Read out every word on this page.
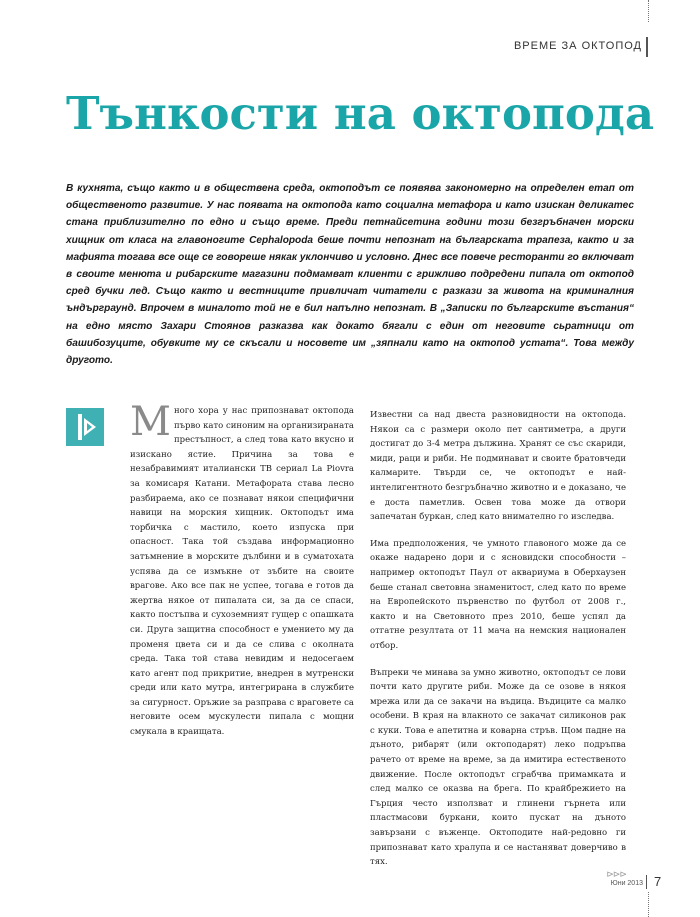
ВРЕМЕ ЗА ОКТОПОД
Тънкости на октопода

В кухнята, също както и в обществена среда, октоподът се появява закономерно на определен етап от общественото развитие. У нас появата на октопода като социална метафора и като изискан деликатес стана приблизително по едно и също време. Преди петнайсетина години този безгръбначен морски хищник от класа на главоногите Cephalopoda беше почти непознат на българската трапеза, както и за мафията тогава все още се говореше някак уклончиво и условно. Днес все повече ресторанти го включват в своите менюта и рибарските магазини подмамват клиенти с грижливо подредени пипала от октопод сред бучки лед. Също както и вестниците привличат читатели с разкази за живота на криминалния ъндърграунд. Впрочем в миналото той не е бил напълно непознат. В „Записки по българските въстания“ на едно място Захари Стоянов разказва как докато бягали с един от неговите сьратници от башибозуците, обувките му се скъсали и носовете им „зяпнали като на октопод устата“. Това между другото.

Много хора у нас припознават октопода първо като синоним на организираната престъпност, а след това като вкусно и изискано ястие. Причина за това е незабравимият италиански ТВ сериал La Piovra за комисаря Катани. Метафората става лесно разбираема, ако се познават някои специфични навици на морския хищник. Октоподът има торбичка с мастило, което изпуска при опасност. Така той създава информационно затъмнение в морските дълбини и в суматохата успява да се измъкне от зъбите на своите врагове. Ако все пак не успее, тогава е готов да жертва някое от пипалата си, за да се спаси, както постъпва и сухоземният гущер с опашката си. Друга защитна способност е умението му да променя цвета си и да се слива с околната среда. Така той става невидим и недосегаем като агент под прикритие, внедрен в мутренски среди или като мутра, интегрирана в службите за сигурност. Оръжие за разправа с враговете са неговите осем мускулести пипала с мощни смукала в краищата.

Известни са над двеста разновидности на октопода. Някои са с размери около пет сантиметра, а други достигат до 3-4 метра дължина. Хранят се със скариди, миди, раци и риби. Не подминават и своите братовчеди калмарите. Твърди се, че октоподът е най-интелигентното безгръбначно животно и е доказано, че е доста паметлив. Освен това може да отвори запечатан буркан, след като внимателно го изследва.

Има предположения, че умното главоного може да се окаже надарено дори и с ясновидски способности – например октоподът Паул от аквариума в Оберхаузен беше станал световна знаменитост, след като по време на Европейското първенство по футбол от 2008 г., както и на Световното през 2010, беше успял да отгатне резултата от 11 мача на немския национален отбор.

Въпреки че минава за умно животно, октоподът се лови почти като другите риби. Може да се озове в някоя мрежа или да се закачи на въдица. Въдиците са малко особени. В края на влакното се закачат силиконов рак с куки. Това е апетитна и коварна стръв. Щом падне на дъното, рибарят (или октоподарят) леко подръпва рачето от време на време, за да имитира естественото движение. После октоподът сграбчва примамката и след малко се оказва на брега. По крайбрежието на Гърция често използват и глинени гърнета или пластмасови буркани, които пускат на дъното завързани с въженце. Октоподите най-редовно ги припознават като хралупа и се настаняват доверчиво в тях.

⊳⊳⊳
Юни 2013 7
